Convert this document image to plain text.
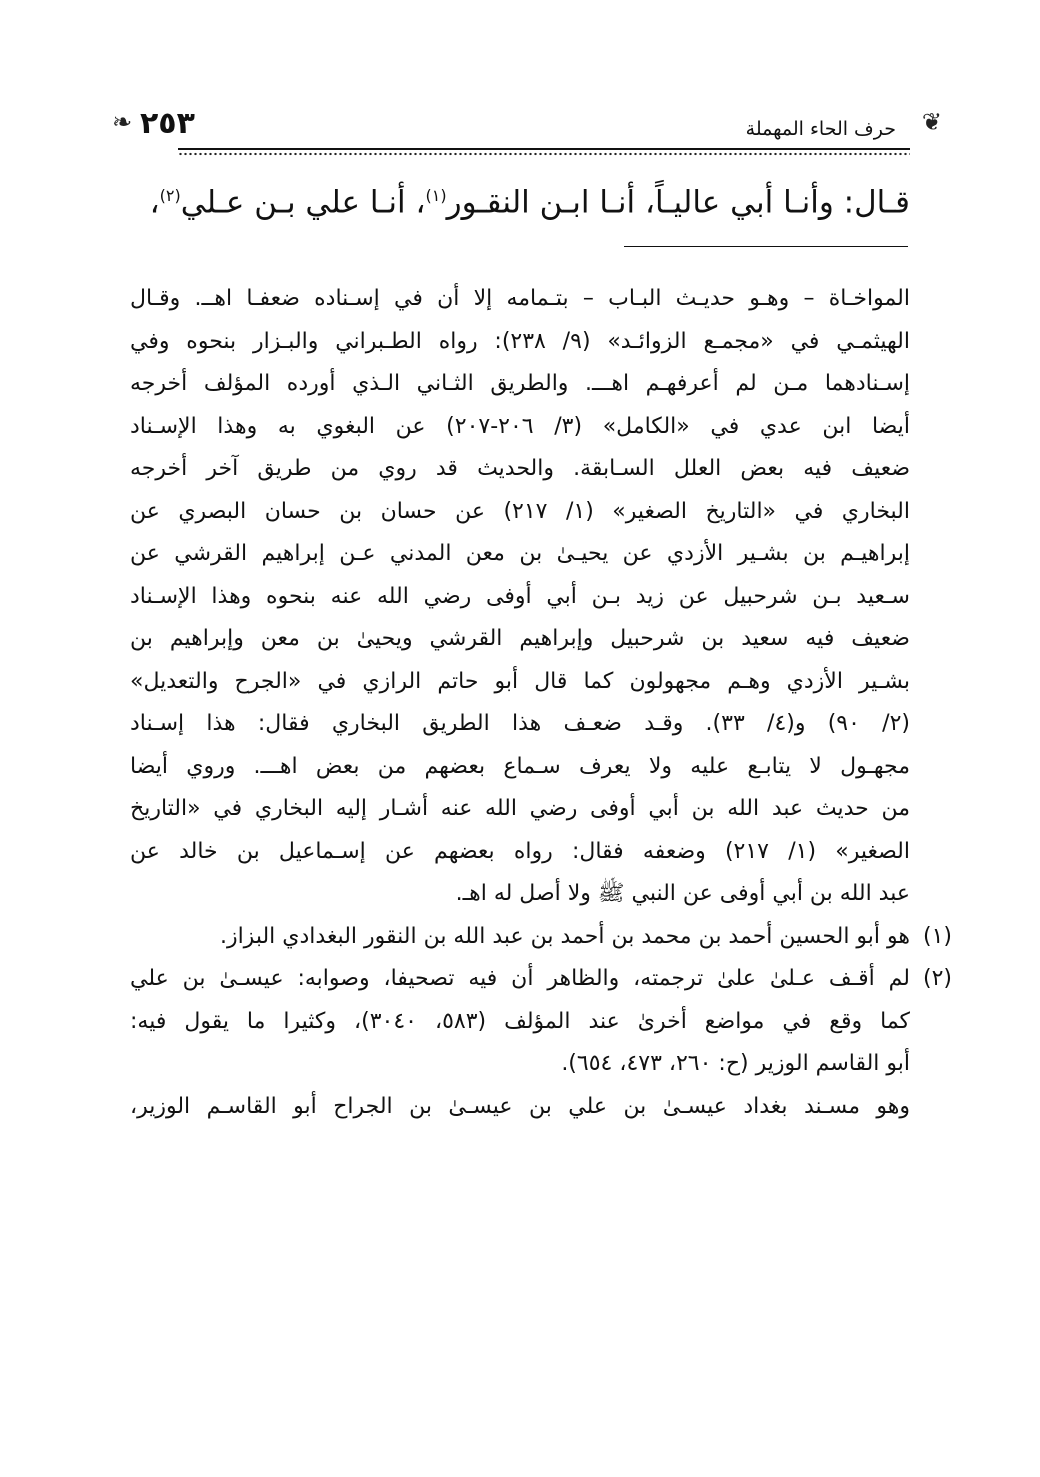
❧ ٢٥٣	حرف الحاء المهملة ❦
قـال: وأنـا أبي عاليـاً، أنـا ابـن النقـور$^{(١)}$، أنـا علي بـن عـلي$^{(٢)}$،
المواخـاة – وهـو حديـث البـاب – بتـمامه إلا أن في إسـناده ضعفـا اهــ. وقـال
الهيثمـي في «مجمـع الزوائـد» (٩/ ٢٣٨): رواه الطـبراني والبـزار بنحوه وفي
إسـنادهما مـن لم أعرفهـم اهـــ. والطريق الثـاني الـذي أورده المؤلف أخرجه
أيضا ابن عدي في «الكامل» (٣/ ٢٠٦-٢٠٧) عن البغوي به وهذا الإسـناد
ضعيف فيه بعض العلل السـابقة. والحديث قد روي من طريق آخر أخرجه
البخاري في «التاريخ الصغير» (١/ ٢١٧) عن حسان بن حسان البصري عن
إبراهيـم بن بشـير الأزدي عن يحيـىٰ بن معن المدني عـن إبراهيم القرشي عن
سـعيد بـن شرحبيل عن زيد بـن أبي أوفى رضي الله عنه بنحوه وهذا الإسـناد
ضعيف فيه سعيد بن شرحبيل وإبراهيم القرشي ويحيىٰ بن معن وإبراهيم بن
بشـير الأزدي وهـم مجهولون كما قال أبو حاتم الرازي في «الجرح والتعديل»
(٢/ ٩٠) و(٤/ ٣٣). وقـد ضعـف هذا الطريق البخاري فقال: هذا إسـناد
مجهـول لا يتابـع عليه ولا يعرف سـماع بعضهم من بعض اهـــ. وروي أيضا
من حديث عبد الله بن أبي أوفى رضي الله عنه أشـار إليه البخاري في «التاريخ
الصغير» (١/ ٢١٧) وضعفه فقال: رواه بعضهم عن إسـماعيل بن خالد عن
عبد الله بن أبي أوفى عن النبي ﷺ ولا أصل له اهـ.
(١)
هو أبو الحسين أحمد بن محمد بن أحمد بن عبد الله بن النقور البغدادي البزاز.
(٢)
لم أقـف عـلىٰ علىٰ ترجمته، والظاهر أن فيه تصحيفا، وصوابه: عيسـىٰ بن علي
كما وقع في مواضع أخرىٰ عند المؤلف (٥٨٣، ٣٠٤٠)، وكثيرا ما يقول فيه:
أبو القاسم الوزير (ح: ٢٦٠، ٤٧٣، ٦٥٤).
وهو مسـند بغداد عيسـىٰ بن علي بن عيسـىٰ بن الجراح أبو القاسـم الوزير،
